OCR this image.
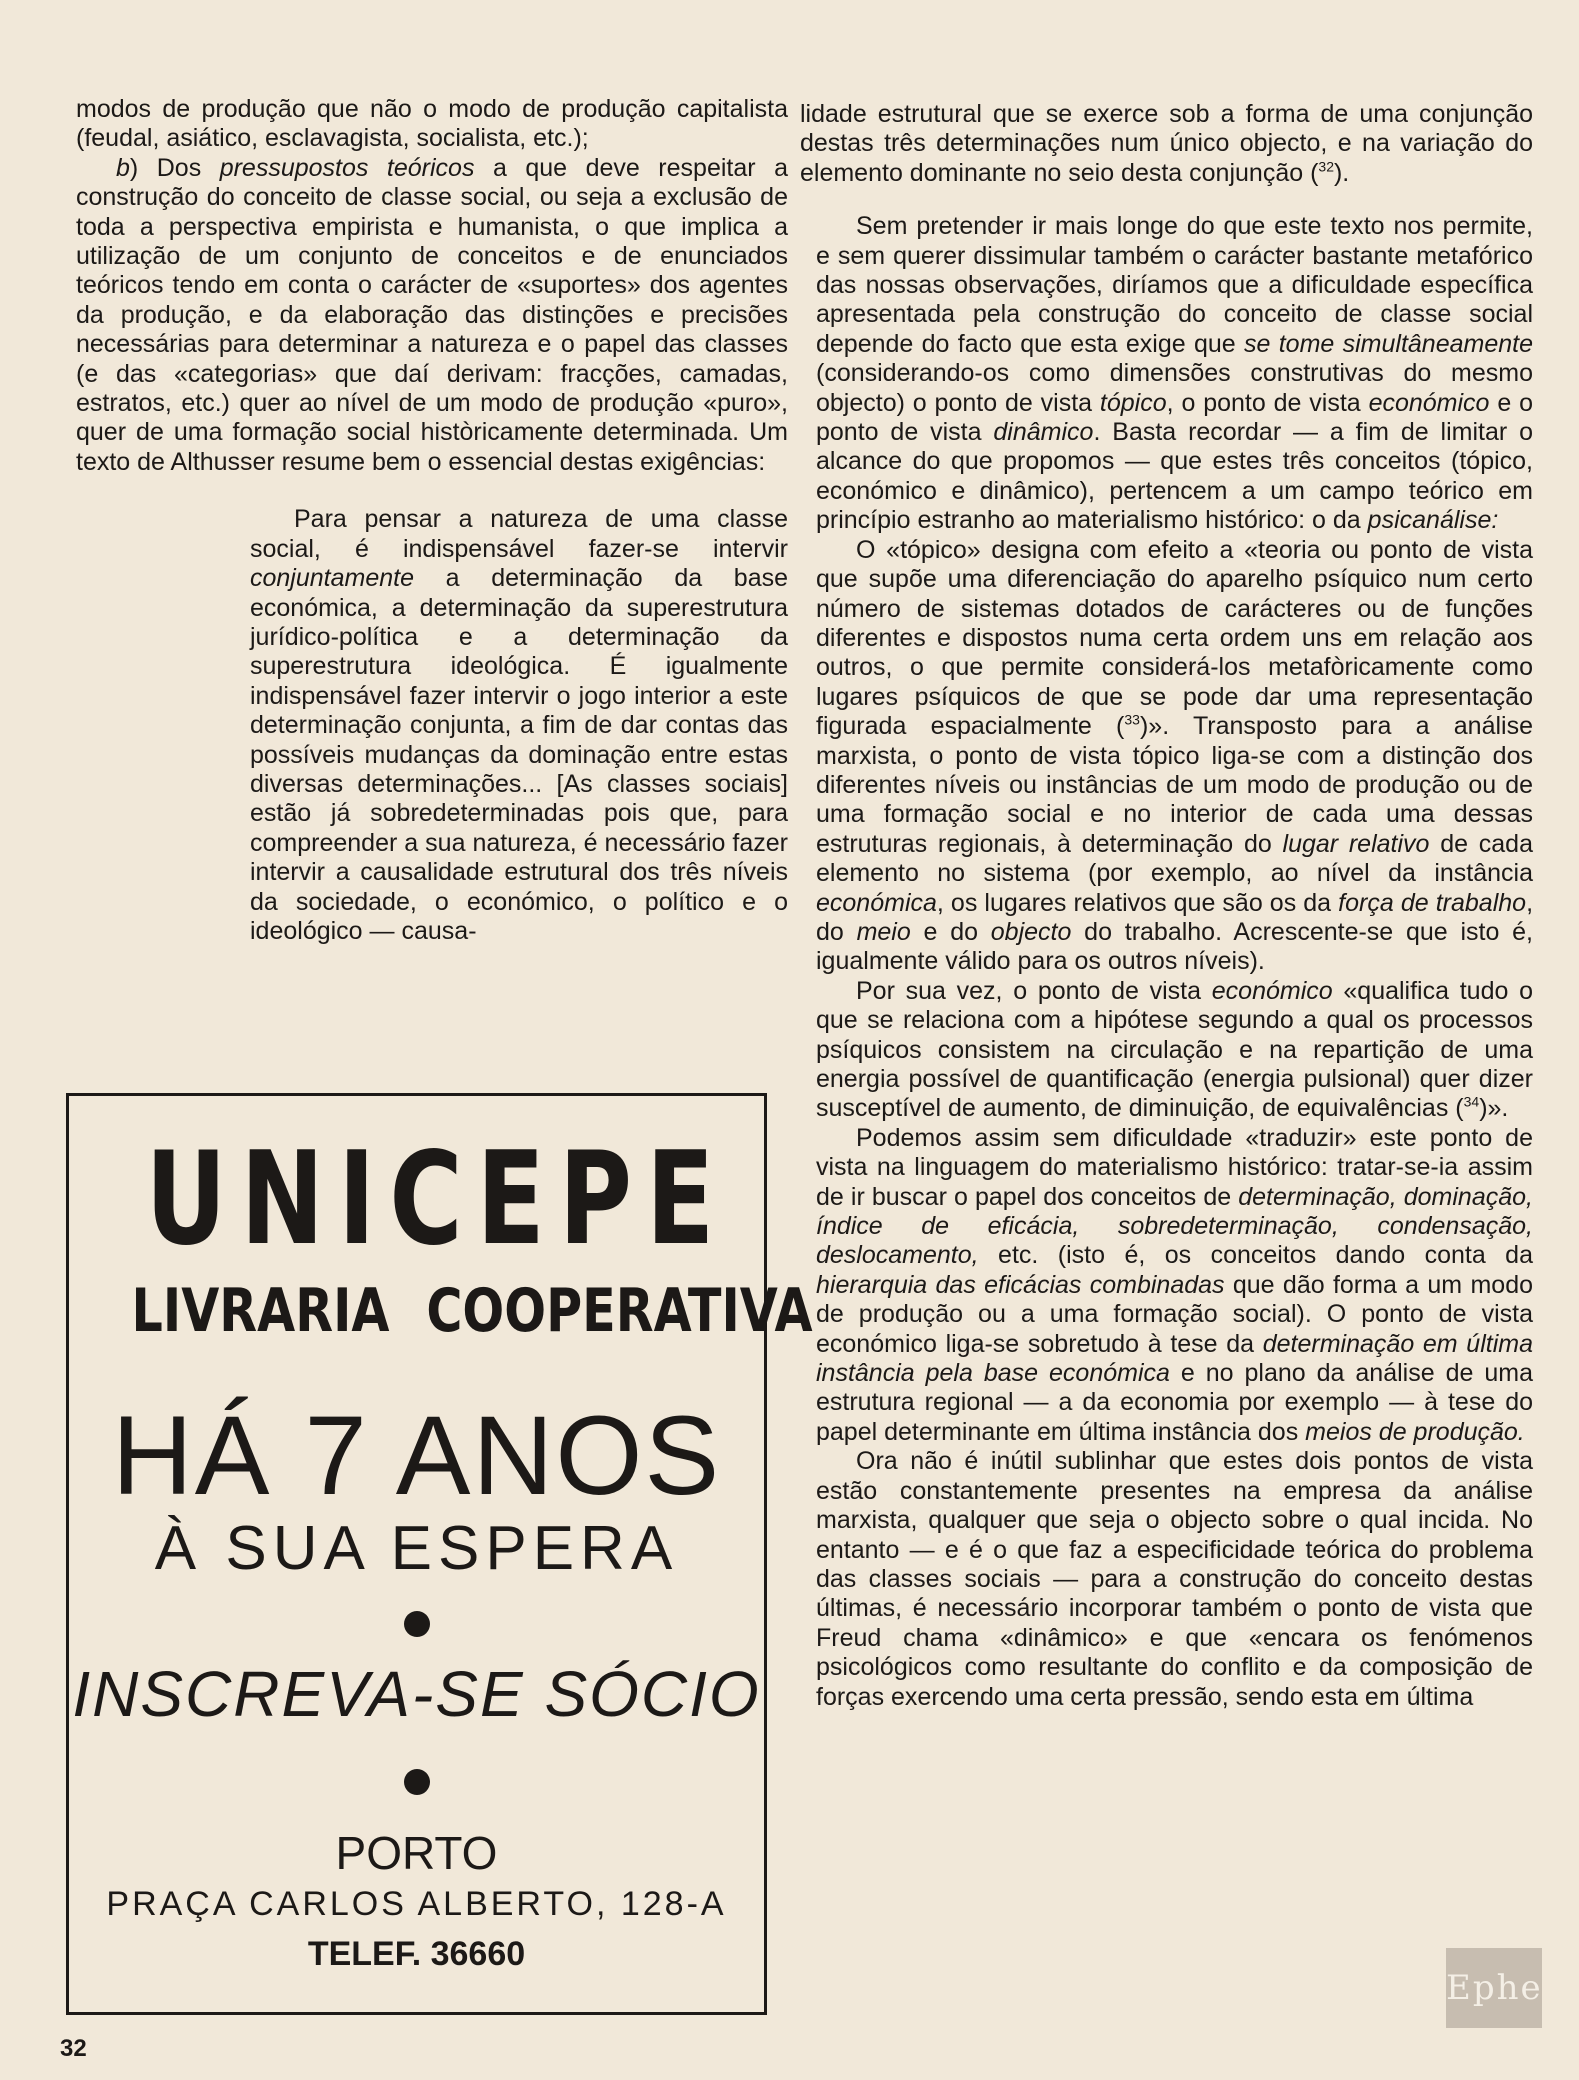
modos de produção que não o modo de produção capitalista (feudal, asiático, esclavagista, socialista, etc.);

b) Dos pressupostos teóricos a que deve respeitar a construção do conceito de classe social, ou seja a exclusão de toda a perspectiva empirista e humanista, o que implica a utilização de um conjunto de conceitos e de enunciados teóricos tendo em conta o carácter de «suportes» dos agentes da produção, e da elaboração das distinções e precisões necessárias para determinar a natureza e o papel das classes (e das «categorias» que daí derivam: fracções, camadas, estratos, etc.) quer ao nível de um modo de produção «puro», quer de uma formação social històricamente determinada. Um texto de Althusser resume bem o essencial destas exigências:

Para pensar a natureza de uma classe social, é indispensável fazer-se intervir conjuntamente a determinação da base económica, a determinação da superestrutura jurídico-política e a determinação da superestrutura ideológica. É igualmente indispensável fazer intervir o jogo interior a este determinação conjunta, a fim de dar contas das possíveis mudanças da dominação entre estas diversas determinações... [As classes sociais] estão já sobredeterminadas pois que, para compreender a sua natureza, é necessário fazer intervir a causalidade estrutural dos três níveis da sociedade, o económico, o político e o ideológico — causa-

lidade estrutural que se exerce sob a forma de uma conjunção destas três determinações num único objecto, e na variação do elemento dominante no seio desta conjunção ($^{32}$).

Sem pretender ir mais longe do que este texto nos permite, e sem querer dissimular também o carácter bastante metafórico das nossas observações, diríamos que a dificuldade específica apresentada pela construção do conceito de classe social depende do facto que esta exige que se tome simultâneamente (considerando-os como dimensões construtivas do mesmo objecto) o ponto de vista tópico, o ponto de vista económico e o ponto de vista dinâmico. Basta recordar — a fim de limitar o alcance do que propomos — que estes três conceitos (tópico, económico e dinâmico), pertencem a um campo teórico em princípio estranho ao materialismo histórico: o da psicanálise:

O «tópico» designa com efeito a «teoria ou ponto de vista que supõe uma diferenciação do aparelho psíquico num certo número de sistemas dotados de carácteres ou de funções diferentes e dispostos numa certa ordem uns em relação aos outros, o que permite considerá-los metafòricamente como lugares psíquicos de que se pode dar uma representação figurada espacialmente ($^{33}$)». Transposto para a análise marxista, o ponto de vista tópico liga-se com a distinção dos diferentes níveis ou instâncias de um modo de produção ou de uma formação social e no interior de cada uma dessas estruturas regionais, à determinação do lugar relativo de cada elemento no sistema (por exemplo, ao nível da instância económica, os lugares relativos que são os da força de trabalho, do meio e do objecto do trabalho. Acrescente-se que isto é, igualmente válido para os outros níveis).

Por sua vez, o ponto de vista económico «qualifica tudo o que se relaciona com a hipótese segundo a qual os processos psíquicos consistem na circulação e na repartição de uma energia possível de quantificação (energia pulsional) quer dizer susceptível de aumento, de diminuição, de equivalências ($^{34}$)».

Podemos assim sem dificuldade «traduzir» este ponto de vista na linguagem do materialismo histórico: tratar-se-ia assim de ir buscar o papel dos conceitos de determinação, dominação, índice de eficácia, sobredeterminação, condensação, deslocamento, etc. (isto é, os conceitos dando conta da hierarquia das eficácias combinadas que dão forma a um modo de produção ou a uma formação social). O ponto de vista económico liga-se sobretudo à tese da determinação em última instância pela base económica e no plano da análise de uma estrutura regional — a da economia por exemplo — à tese do papel determinante em última instância dos meios de produção.

Ora não é inútil sublinhar que estes dois pontos de vista estão constantemente presentes na empresa da análise marxista, qualquer que seja o objecto sobre o qual incida. No entanto — e é o que faz a especificidade teórica do problema das classes sociais — para a construção do conceito destas últimas, é necessário incorporar também o ponto de vista que Freud chama «dinâmico» e que «encara os fenómenos psicológicos como resultante do conflito e da composição de forças exercendo uma certa pressão, sendo esta em última

UNICEPE
LIVRARIA COOPERATIVA
HÁ 7 ANOS
À SUA ESPERA
INSCREVA-SE SÓCIO
PORTO
PRAÇA CARLOS ALBERTO, 128-A
TELEF. 36660
32
Ephe
